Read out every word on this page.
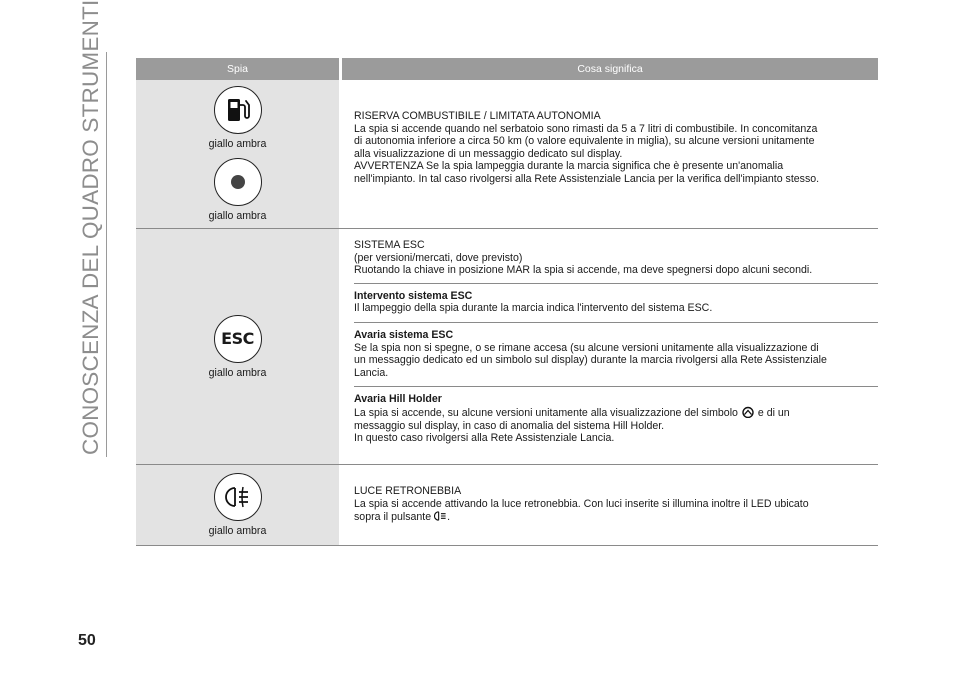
CONOSCENZA DEL QUADRO STRUMENTI	Spia	Cosa significa
giallo ambra
giallo ambra
RISERVA COMBUSTIBILE / LIMITATA AUTONOMIA
La spia si accende quando nel serbatoio sono rimasti da 5 a 7 litri di combustibile. In concomitanza
di autonomia inferiore a circa 50 km (o valore equivalente in miglia), su alcune versioni unitamente
alla visualizzazione di un messaggio dedicato sul display.
AVVERTENZA Se la spia lampeggia durante la marcia significa che è presente un'anomalia
nell'impianto. In tal caso rivolgersi alla Rete Assistenziale Lancia per la verifica dell'impianto stesso.
ESC
giallo ambra
SISTEMA ESC
(per versioni/mercati, dove previsto)
Ruotando la chiave in posizione MAR la spia si accende, ma deve spegnersi dopo alcuni secondi.
Intervento sistema ESC
Il lampeggio della spia durante la marcia indica l'intervento del sistema ESC.
Avaria sistema ESC
Se la spia non si spegne, o se rimane accesa (su alcune versioni unitamente alla visualizzazione di
un messaggio dedicato ed un simbolo sul display) durante la marcia rivolgersi alla Rete Assistenziale
Lancia.
Avaria Hill Holder
La spia si accende, su alcune versioni unitamente alla visualizzazione del simbolo e di un
messaggio sul display, in caso di anomalia del sistema Hill Holder.
In questo caso rivolgersi alla Rete Assistenziale Lancia.
giallo ambra
LUCE RETRONEBBIA
La spia si accende attivando la luce retronebbia. Con luci inserite si illumina inoltre il LED ubicato
sopra il pulsante .
50
